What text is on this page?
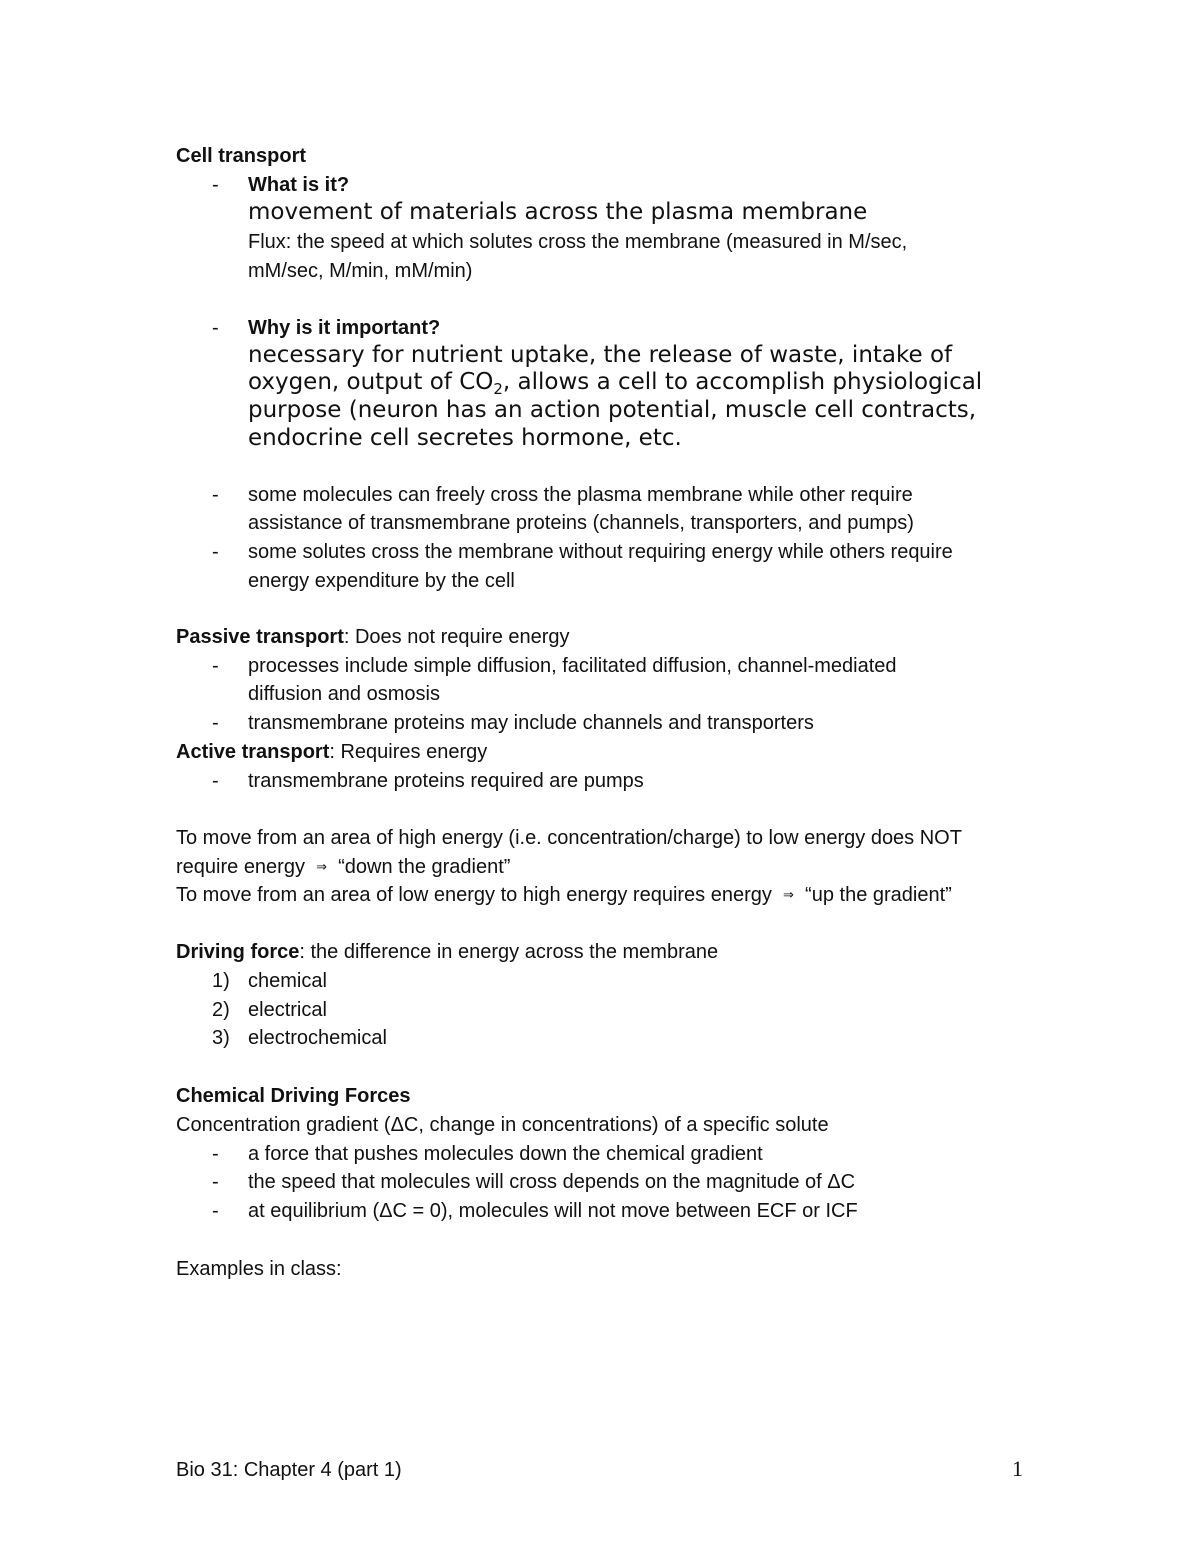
Cell transport
- What is it?
movement of materials across the plasma membrane
Flux: the speed at which solutes cross the membrane (measured in M/sec,
mM/sec, M/min, mM/min)
- Why is it important?
necessary for nutrient uptake, the release of waste, intake of
oxygen, output of $CO_2$, allows a cell to accomplish physiological
purpose (neuron has an action potential, muscle cell contracts,
endocrine cell secretes hormone, etc.
- some molecules can freely cross the plasma membrane while other require
assistance of transmembrane proteins (channels, transporters, and pumps)
- some solutes cross the membrane without requiring energy while others require
energy expenditure by the cell
Passive transport: Does not require energy
- processes include simple diffusion, facilitated diffusion, channel-mediated
diffusion and osmosis
- transmembrane proteins may include channels and transporters
Active transport: Requires energy
- transmembrane proteins required are pumps
To move from an area of high energy (i.e. concentration/charge) to low energy does NOT
require energy ⇒ “down the gradient”
To move from an area of low energy to high energy requires energy ⇒ “up the gradient”
Driving force: the difference in energy across the membrane
1) chemical
2) electrical
3) electrochemical
Chemical Driving Forces
Concentration gradient (ΔC, change in concentrations) of a specific solute
- a force that pushes molecules down the chemical gradient
- the speed that molecules will cross depends on the magnitude of ΔC
- at equilibrium (ΔC = 0), molecules will not move between ECF or ICF
Examples in class:
Bio 31: Chapter 4 (part 1)	1
